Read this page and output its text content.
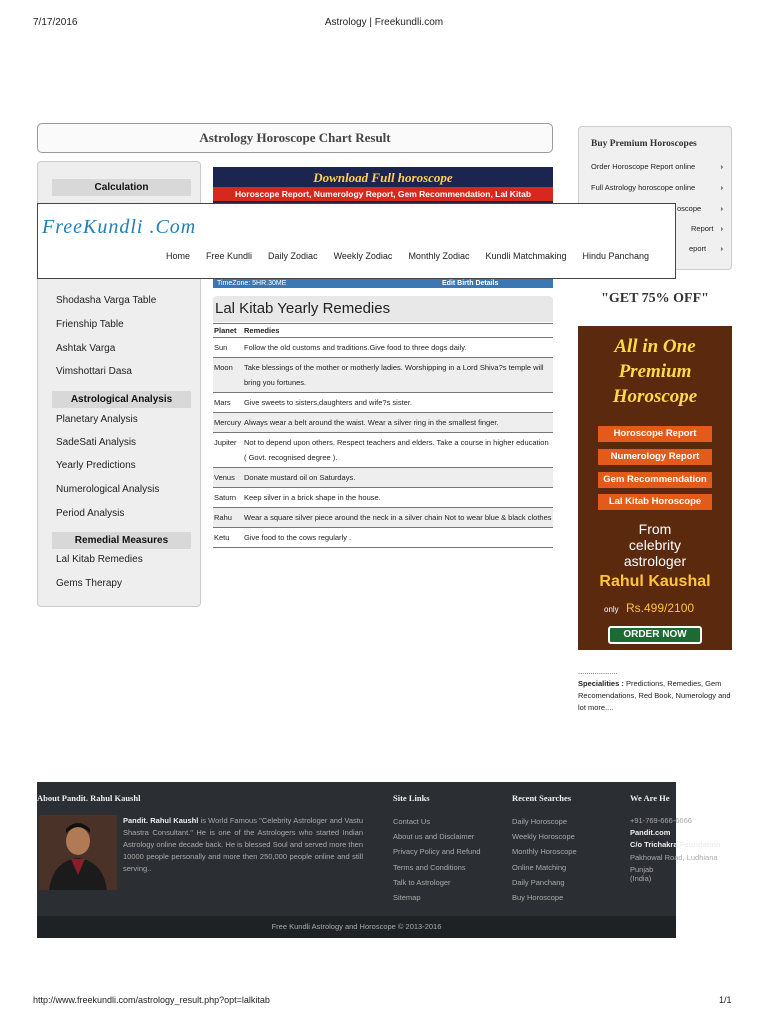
7/17/2016	Astrology | Freekundli.com
Astrology Horoscope Chart Result
Calculation
Shodasha Varga Table
Frienship Table
Ashtak Varga
Vimshottari Dasa
Astrological Analysis
Planetary Analysis
SadeSati Analysis
Yearly Predictions
Numerological Analysis
Period Analysis
Remedial Measures
Lal Kitab Remedies
Gems Therapy
Download Full horoscope
Horoscope Report, Numerology Report, Gem Recommendation, Lal Kitab
FreeKundli .Com
Home Free Kundli Daily Zodiac Weekly Zodiac Monthly Zodiac Kundli Matchmaking Hindu Panchang
TimeZone: 5HR.30ME	Edit Birth Details
Lal Kitab Yearly Remedies
Planet	Remedies
Sun	Follow the old customs and traditions.Give food to three dogs daily.
Moon	Take blessings of the mother or motherly ladies. Worshipping in a Lord Shiva?s temple will bring you fortunes.
Mars	Give sweets to sisters,daughters and wife?s sister.
Mercury	Always wear a belt around the waist. Wear a silver ring in the smallest finger.
Jupiter	Not to depend upon others. Respect teachers and elders. Take a course in higher education ( Govt. recognised degree ).
Venus	Donate mustard oil on Saturdays.
Saturn	Keep silver in a brick shape in the house.
Rahu	Wear a square silver piece around the neck in a silver chain Not to wear blue & black clothes
Ketu	Give food to the cows regularly .
Buy Premium Horoscopes
Order Horoscope Report online	›
Full Astrology horoscope online	›
oscope	›
Report ›
eport ›
"GET 75% OFF"
All in One
Premium
Horoscope
Horoscope Report
Numerology Report
Gem Recommendation
Lal Kitab Horoscope
From
celebrity
astrologer
Rahul Kaushal
only Rs.499/2100
ORDER NOW
...................
Specialities : Predictions, Remedies, Gem Recomendations, Red Book, Numerology and lot more....
About Pandit. Rahul Kaushl
Pandit. Rahul Kaushl is World Famous "Celebrity Astrologer and Vastu Shastra Consultant." He is one of the Astrologers who started Indian Astrology online decade back. He is blessed Soul and served more then 10000 people personally and more then 250,000 people online and still serving..
Site Links
Contact Us
About us and Disclaimer
Privacy Policy and Refund
Terms and Conditions
Talk to Astrologer
Sitemap
Recent Searches
Daily Horoscope
Weekly Horoscope
Monthly Horoscope
Online Matching
Daily Panchang
Buy Horoscope
We Are He
+91-769-666-6666
Pandit.com
C/o Trichakra Foundation
Pakhowal Road, Ludhiana
Punjab (India)
Free Kundli Astrology and Horoscope © 2013-2016
http://www.freekundli.com/astrology_result.php?opt=lalkitab	1/1
